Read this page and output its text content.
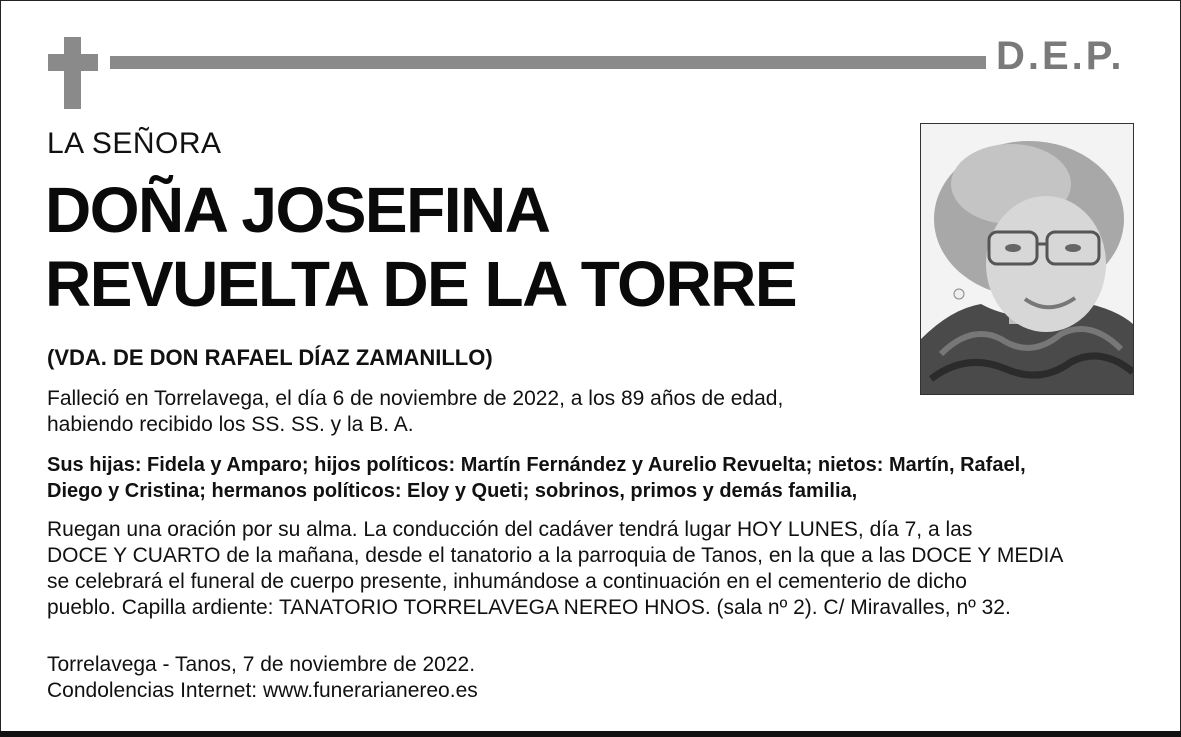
D.E.P.
LA SEÑORA
DOÑA JOSEFINA
REVUELTA DE LA TORRE
(VDA. DE DON RAFAEL DÍAZ ZAMANILLO)
Falleció en Torrelavega, el día 6 de noviembre de 2022, a los 89 años de edad,
habiendo recibido los SS. SS. y la B. A.
Sus hijas: Fidela y Amparo; hijos políticos: Martín Fernández y Aurelio Revuelta; nietos: Martín, Rafael,
Diego y Cristina; hermanos políticos: Eloy y Queti; sobrinos, primos y demás familia,
Ruegan una oración por su alma. La conducción del cadáver tendrá lugar HOY LUNES, día 7, a las
DOCE Y CUARTO de la mañana, desde el tanatorio a la parroquia de Tanos, en la que a las DOCE Y MEDIA
se celebrará el funeral de cuerpo presente, inhumándose a continuación en el cementerio de dicho
pueblo. Capilla ardiente: TANATORIO TORRELAVEGA NEREO HNOS. (sala nº 2). C/ Miravalles, nº 32.
Torrelavega - Tanos, 7 de noviembre de 2022.
Condolencias Internet: www.funerarianereo.es
